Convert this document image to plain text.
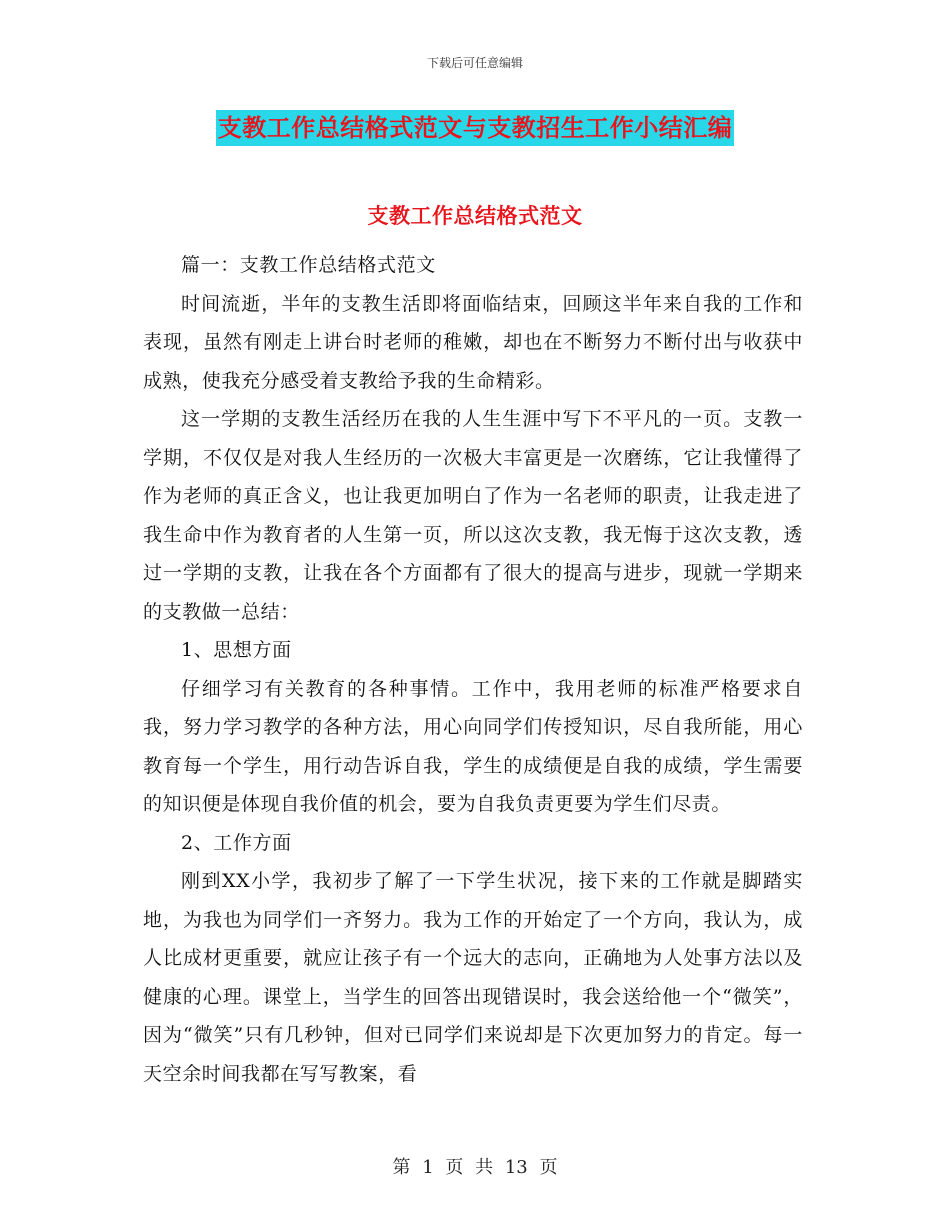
下载后可任意编辑
支教工作总结格式范文与支教招生工作小结汇编
支教工作总结格式范文

篇一：支教工作总结格式范文

时间流逝，半年的支教生活即将面临结束，回顾这半年来自我的工作和表现，虽然有刚走上讲台时老师的稚嫩，却也在不断努力不断付出与收获中成熟，使我充分感受着支教给予我的生命精彩。

这一学期的支教生活经历在我的人生生涯中写下不平凡的一页。支教一学期，不仅仅是对我人生经历的一次极大丰富更是一次磨练，它让我懂得了作为老师的真正含义，也让我更加明白了作为一名老师的职责，让我走进了我生命中作为教育者的人生第一页，所以这次支教，我无悔于这次支教，透过一学期的支教，让我在各个方面都有了很大的提高与进步，现就一学期来的支教做一总结：

1、思想方面

仔细学习有关教育的各种事情。工作中，我用老师的标准严格要求自我，努力学习教学的各种方法，用心向同学们传授知识，尽自我所能，用心教育每一个学生，用行动告诉自我，学生的成绩便是自我的成绩，学生需要的知识便是体现自我价值的机会，要为自我负责更要为学生们尽责。

2、工作方面

刚到XX小学，我初步了解了一下学生状况，接下来的工作就是脚踏实地，为我也为同学们一齐努力。我为工作的开始定了一个方向，我认为，成人比成材更重要，就应让孩子有一个远大的志向，正确地为人处事方法以及健康的心理。课堂上，当学生的回答出现错误时，我会送给他一个“微笑”，因为“微笑”只有几秒钟，但对已同学们来说却是下次更加努力的肯定。每一天空余时间我都在写写教案，看

第 1 页 共 13 页
